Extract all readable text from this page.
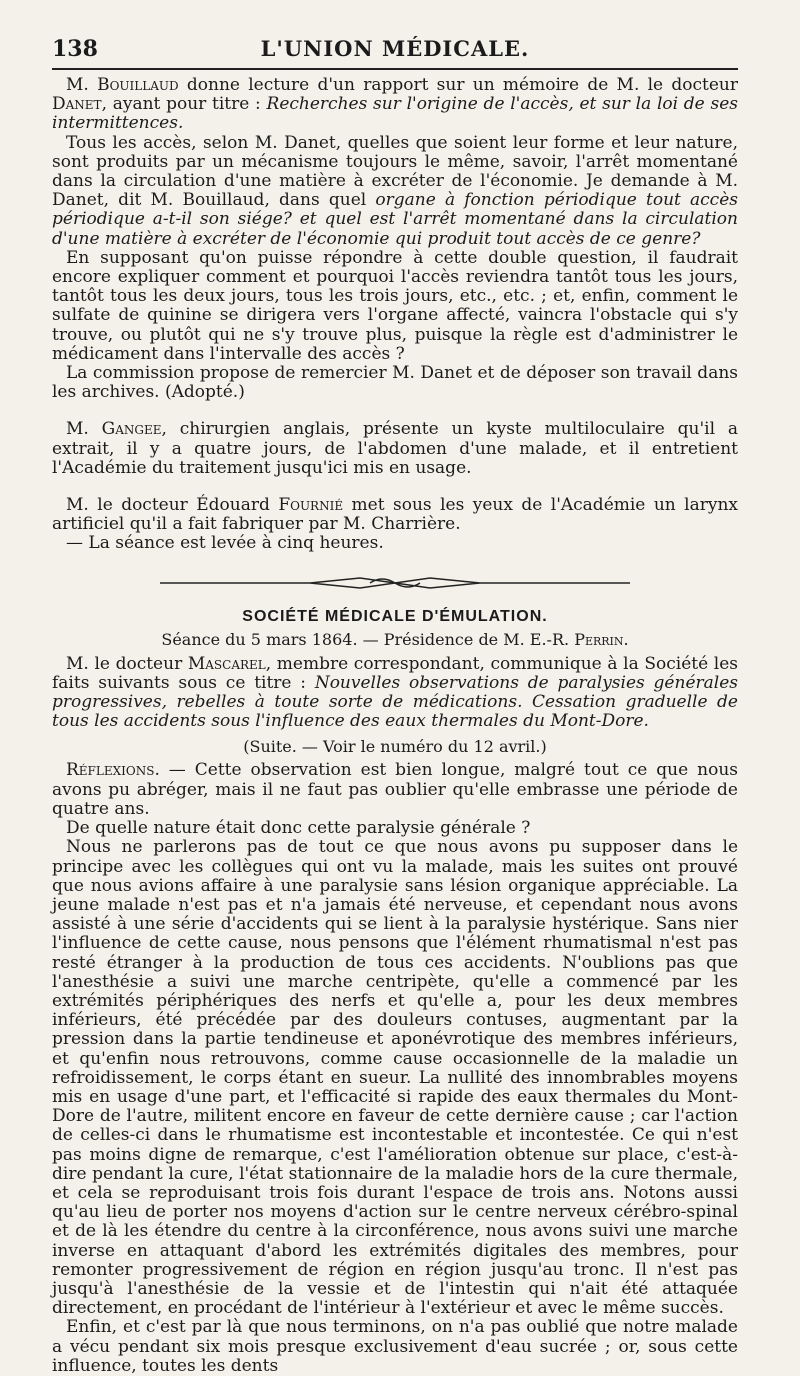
138	L'UNION MÉDICALE.

M. Bouillaud donne lecture d'un rapport sur un mémoire de M. le docteur Danet, ayant pour titre : Recherches sur l'origine de l'accès, et sur la loi de ses intermittences.

Tous les accès, selon M. Danet, quelles que soient leur forme et leur nature, sont produits par un mécanisme toujours le même, savoir, l'arrêt momentané dans la circulation d'une matière à excréter de l'économie. Je demande à M. Danet, dit M. Bouillaud, dans quel organe à fonction périodique tout accès périodique a-t-il son siége? et quel est l'arrêt momentané dans la circulation d'une matière à excréter de l'économie qui produit tout accès de ce genre?

En supposant qu'on puisse répondre à cette double question, il faudrait encore expliquer comment et pourquoi l'accès reviendra tantôt tous les jours, tantôt tous les deux jours, tous les trois jours, etc., etc. ; et, enfin, comment le sulfate de quinine se dirigera vers l'organe affecté, vaincra l'obstacle qui s'y trouve, ou plutôt qui ne s'y trouve plus, puisque la règle est d'administrer le médicament dans l'intervalle des accès ?

La commission propose de remercier M. Danet et de déposer son travail dans les archives. (Adopté.)

M. Gangee, chirurgien anglais, présente un kyste multiloculaire qu'il a extrait, il y a quatre jours, de l'abdomen d'une malade, et il entretient l'Académie du traitement jusqu'ici mis en usage.

M. le docteur Édouard Fournié met sous les yeux de l'Académie un larynx artificiel qu'il a fait fabriquer par M. Charrière.

— La séance est levée à cinq heures.

SOCIÉTÉ MÉDICALE D'ÉMULATION.
Séance du 5 mars 1864. — Présidence de M. E.-R. Perrin.

M. le docteur Mascarel, membre correspondant, communique à la Société les faits suivants sous ce titre : Nouvelles observations de paralysies générales progressives, rebelles à toute sorte de médications. Cessation graduelle de tous les accidents sous l'influence des eaux thermales du Mont-Dore.

(Suite. — Voir le numéro du 12 avril.)

Réflexions. — Cette observation est bien longue, malgré tout ce que nous avons pu abréger, mais il ne faut pas oublier qu'elle embrasse une période de quatre ans.

De quelle nature était donc cette paralysie générale ?

Nous ne parlerons pas de tout ce que nous avons pu supposer dans le principe avec les collègues qui ont vu la malade, mais les suites ont prouvé que nous avions affaire à une paralysie sans lésion organique appréciable. La jeune malade n'est pas et n'a jamais été nerveuse, et cependant nous avons assisté à une série d'accidents qui se lient à la paralysie hystérique. Sans nier l'influence de cette cause, nous pensons que l'élément rhumatismal n'est pas resté étranger à la production de tous ces accidents. N'oublions pas que l'anesthésie a suivi une marche centripète, qu'elle a commencé par les extrémités périphériques des nerfs et qu'elle a, pour les deux membres inférieurs, été précédée par des douleurs contuses, augmentant par la pression dans la partie tendineuse et aponévrotique des membres inférieurs, et qu'enfin nous retrouvons, comme cause occasionnelle de la maladie un refroidissement, le corps étant en sueur. La nullité des innombrables moyens mis en usage d'une part, et l'efficacité si rapide des eaux thermales du Mont-Dore de l'autre, militent encore en faveur de cette dernière cause ; car l'action de celles-ci dans le rhumatisme est incontestable et incontestée. Ce qui n'est pas moins digne de remarque, c'est l'amélioration obtenue sur place, c'est-à-dire pendant la cure, l'état stationnaire de la maladie hors de la cure thermale, et cela se reproduisant trois fois durant l'espace de trois ans. Notons aussi qu'au lieu de porter nos moyens d'action sur le centre nerveux cérébro-spinal et de là les étendre du centre à la circonférence, nous avons suivi une marche inverse en attaquant d'abord les extrémités digitales des membres, pour remonter progressivement de région en région jusqu'au tronc. Il n'est pas jusqu'à l'anesthésie de la vessie et de l'intestin qui n'ait été attaquée directement, en procédant de l'intérieur à l'extérieur et avec le même succès.

Enfin, et c'est par là que nous terminons, on n'a pas oublié que notre malade a vécu pendant six mois presque exclusivement d'eau sucrée ; or, sous cette influence, toutes les dents
